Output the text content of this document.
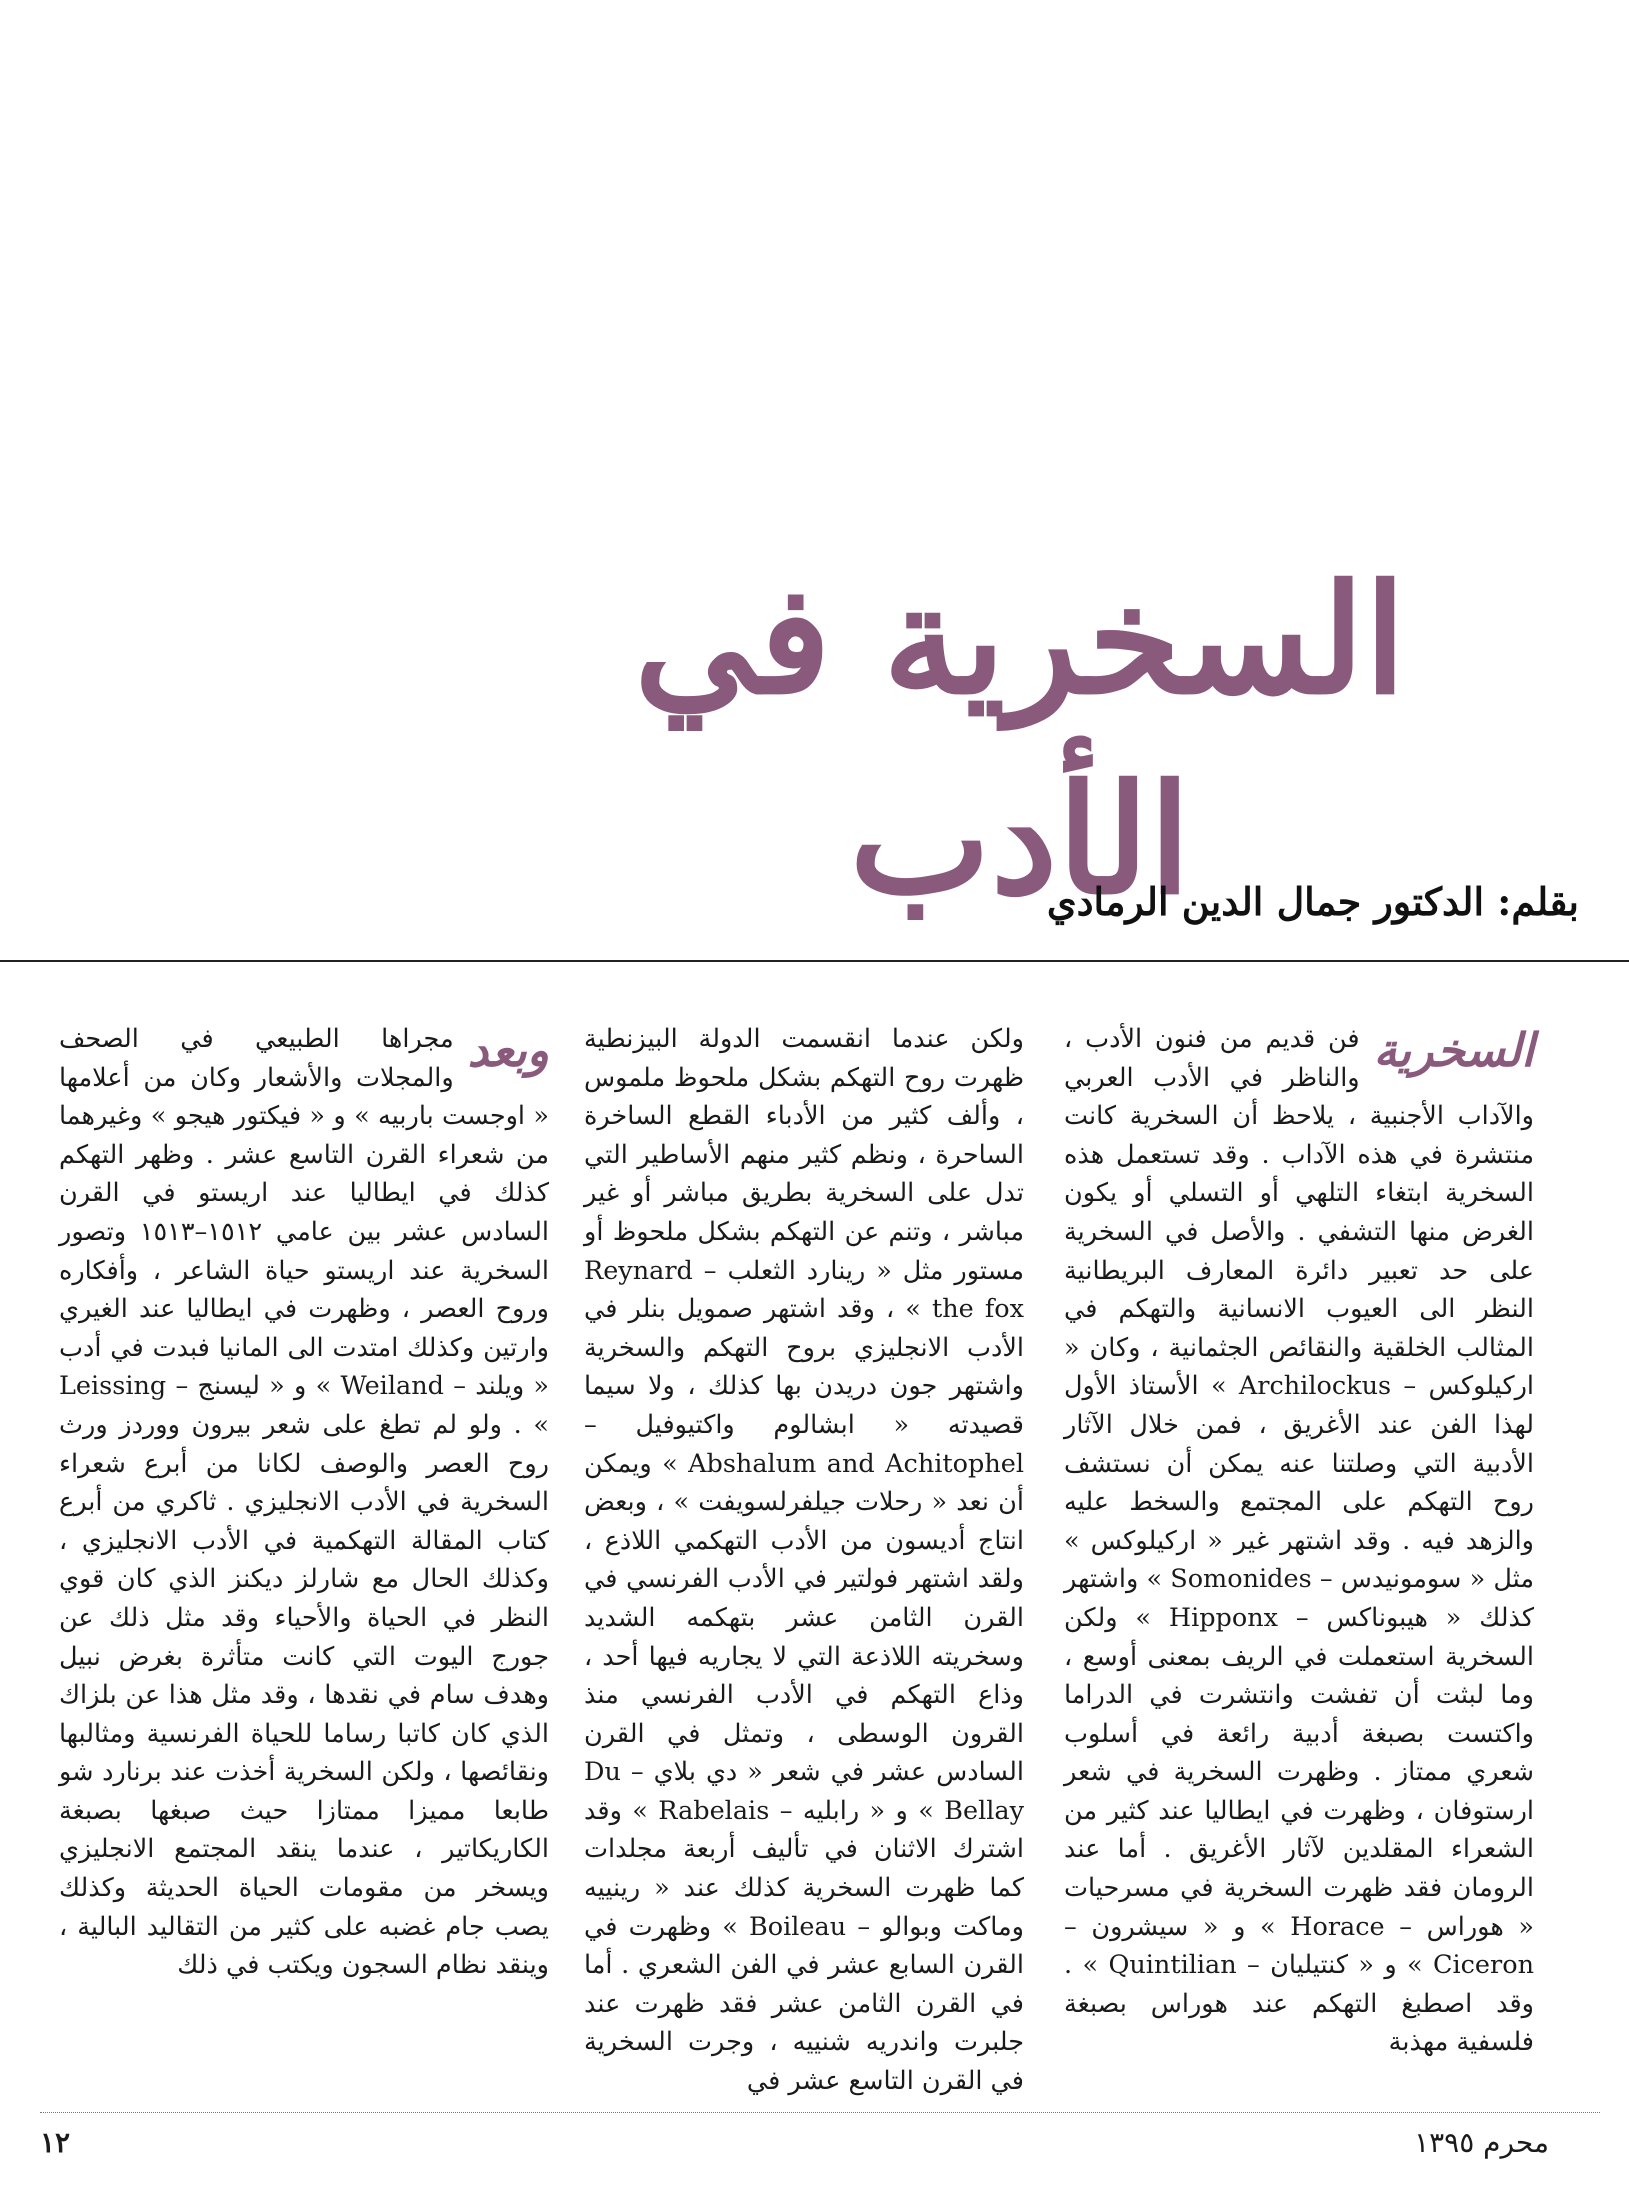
السخرية في الأدب
بقلم: الدكتور جمال الدين الرمادي

السخرية
فن قديم من فنون الأدب ، والناظر في الأدب العربي والآداب الأجنبية ، يلاحظ أن السخرية كانت منتشرة في هذه الآداب . وقد تستعمل هذه السخرية ابتغاء التلهي أو التسلي أو يكون الغرض منها التشفي . والأصل في السخرية على حد تعبير دائرة المعارف البريطانية النظر الى العيوب الانسانية والتهكم في المثالب الخلقية والنقائص الجثمانية ، وكان « اركيلوكس – Archilockus » الأستاذ الأول لهذا الفن عند الأغريق ، فمن خلال الآثار الأدبية التي وصلتنا عنه يمكن أن نستشف روح التهكم على المجتمع والسخط عليه والزهد فيه . وقد اشتهر غير « اركيلوكس » مثل « سومونيدس – Somonides » واشتهر كذلك « هيبوناكس – Hipponx » ولكن السخرية استعملت في الريف بمعنى أوسع ، وما لبثت أن تفشت وانتشرت في الدراما واكتست بصبغة أدبية رائعة في أسلوب شعري ممتاز . وظهرت السخرية في شعر ارستوفان ، وظهرت في ايطاليا عند كثير من الشعراء المقلدين لآثار الأغريق . أما عند الرومان فقد ظهرت السخرية في مسرحيات « هوراس – Horace » و « سيشرون – Ciceron » و « كنتيليان – Quintilian » . وقد اصطبغ التهكم عند هوراس بصبغة فلسفية مهذبة

ولكن عندما انقسمت الدولة البيزنطية ظهرت روح التهكم بشكل ملحوظ ملموس ، وألف كثير من الأدباء القطع الساخرة الساحرة ، ونظم كثير منهم الأساطير التي تدل على السخرية بطريق مباشر أو غير مباشر ، وتنم عن التهكم بشكل ملحوظ أو مستور مثل « رينارد الثعلب – Reynard the fox » ، وقد اشتهر صمويل بنلر في الأدب الانجليزي بروح التهكم والسخرية واشتهر جون دريدن بها كذلك ، ولا سيما قصيدته « ابشالوم واكتيوفيل – Abshalum and Achitophel » ويمكن أن نعد « رحلات جيلفرلسويفت » ، وبعض انتاج أديسون من الأدب التهكمي اللاذع ، ولقد اشتهر فولتير في الأدب الفرنسي في القرن الثامن عشر بتهكمه الشديد وسخريته اللاذعة التي لا يجاريه فيها أحد ، وذاع التهكم في الأدب الفرنسي منذ القرون الوسطى ، وتمثل في القرن السادس عشر في شعر « دي بلاي – Du Bellay » و « رابليه – Rabelais » وقد اشترك الاثنان في تأليف أربعة مجلدات كما ظهرت السخرية كذلك عند « رينييه وماكت وبوالو – Boileau » وظهرت في القرن السابع عشر في الفن الشعري . أما في القرن الثامن عشر فقد ظهرت عند جلبرت واندريه شنييه ، وجرت السخرية في القرن التاسع عشر في

وبعد
مجراها الطبيعي في الصحف والمجلات والأشعار وكان من أعلامها « اوجست باربيه » و « فيكتور هيجو » وغيرهما من شعراء القرن التاسع عشر . وظهر التهكم كذلك في ايطاليا عند اريستو في القرن السادس عشر بين عامي ١٥١٢–١٥١٣ وتصور السخرية عند اريستو حياة الشاعر ، وأفكاره وروح العصر ، وظهرت في ايطاليا عند الغيري وارتين وكذلك امتدت الى المانيا فبدت في أدب « ويلند – Weiland » و « ليسنج – Leissing » . ولو لم تطغ على شعر بيرون ووردز ورث روح العصر والوصف لكانا من أبرع شعراء السخرية في الأدب الانجليزي . ثاكري من أبرع كتاب المقالة التهكمية في الأدب الانجليزي ، وكذلك الحال مع شارلز ديكنز الذي كان قوي النظر في الحياة والأحياء وقد مثل ذلك عن جورج اليوت التي كانت متأثرة بغرض نبيل وهدف سام في نقدها ، وقد مثل هذا عن بلزاك الذي كان كاتبا رساما للحياة الفرنسية ومثالبها ونقائصها ، ولكن السخرية أخذت عند برنارد شو طابعا مميزا ممتازا حيث صبغها بصبغة الكاريكاتير ، عندما ينقد المجتمع الانجليزي ويسخر من مقومات الحياة الحديثة وكذلك يصب جام غضبه على كثير من التقاليد البالية ، وينقد نظام السجون ويكتب في ذلك

محرم ١٣٩٥
١٢
